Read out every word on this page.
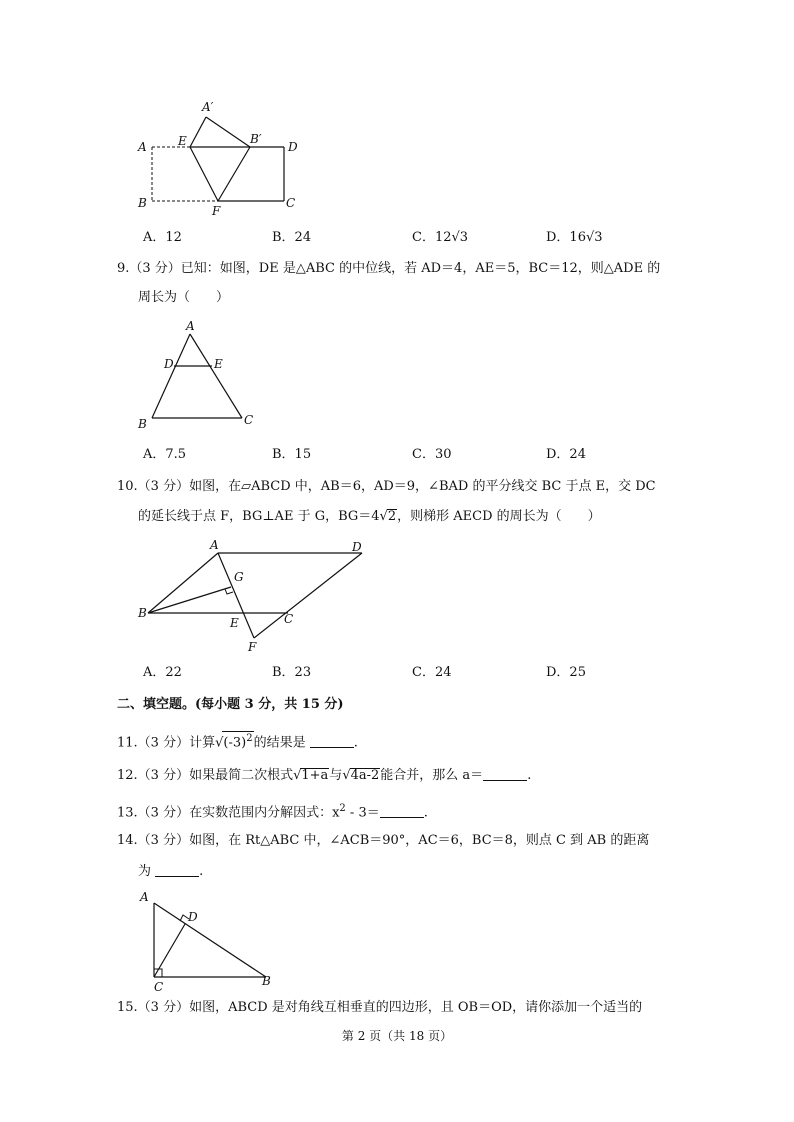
A
A′
E	B′
D
B
F
C
A．12	B．24	C．12√3	D．16√3
9.（3 分）已知：如图，DE 是△ABC 的中位线，若 AD＝4，AE＝5，BC＝12，则△ADE 的
周长为（　　）
A
D	E
B	C
A．7.5	B．15	C．30	D．24
10.（3 分）如图，在▱ABCD 中，AB＝6，AD＝9，∠BAD 的平分线交 BC 于点 E，交 DC
的延长线于点 F，BG⊥AE 于 G，BG＝4√2，则梯形 AECD 的周长为（　　）
A	D
G
B
E	C
F
A．22	B．23	C．24	D．25
二、填空题。(每小题 3 分，共 15 分)
11.（3 分）计算$√(-3)^2$的结果是	.
12.（3 分）如果最简二次根式√1+a与√4a-2能合并，那么 a＝	.
13.（3 分）在实数范围内分解因式：$x^2 - 3=$	.
14.（3 分）如图，在 Rt△ABC 中，∠ACB＝90°，AC＝6，BC＝8，则点 C 到 AB 的距离
为	.
A
D
C	B
15.（3 分）如图，ABCD 是对角线互相垂直的四边形，且 OB＝OD，请你添加一个适当的
第 2 页（共 18 页）
